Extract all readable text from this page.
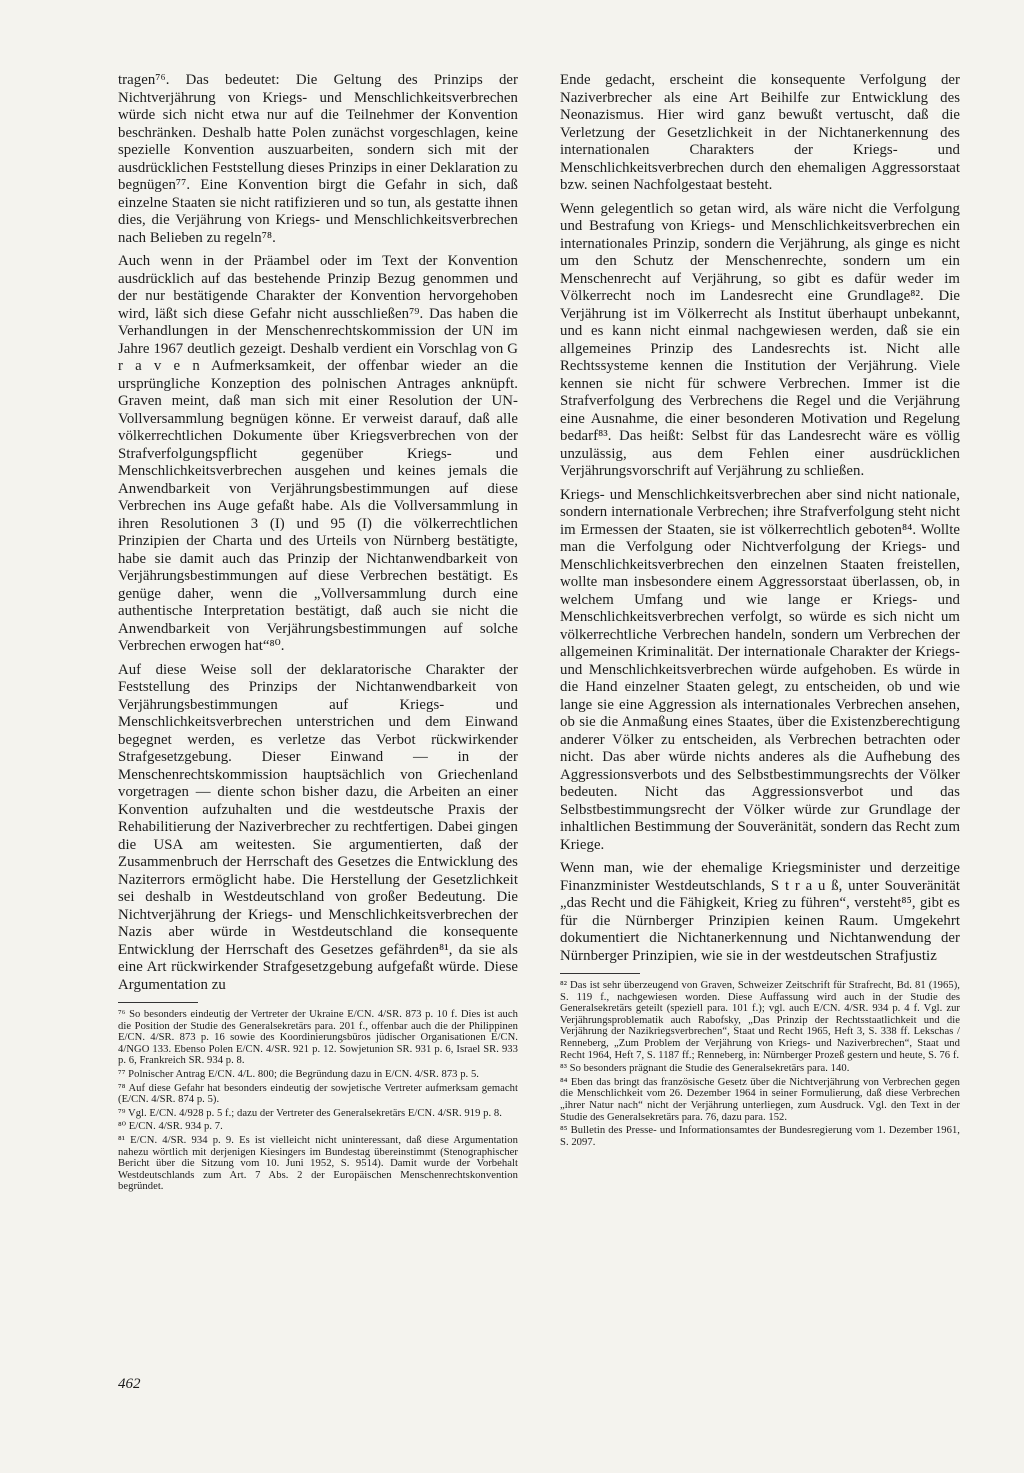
tragen⁷⁶. Das bedeutet: Die Geltung des Prinzips der Nichtverjährung von Kriegs- und Menschlichkeitsverbrechen würde sich nicht etwa nur auf die Teilnehmer der Konvention beschränken. Deshalb hatte Polen zunächst vorgeschlagen, keine spezielle Konvention auszuarbeiten, sondern sich mit der ausdrücklichen Feststellung dieses Prinzips in einer Deklaration zu begnügen⁷⁷. Eine Konvention birgt die Gefahr in sich, daß einzelne Staaten sie nicht ratifizieren und so tun, als gestatte ihnen dies, die Verjährung von Kriegs- und Menschlichkeitsverbrechen nach Belieben zu regeln⁷⁸.

Auch wenn in der Präambel oder im Text der Konvention ausdrücklich auf das bestehende Prinzip Bezug genommen und der nur bestätigende Charakter der Konvention hervorgehoben wird, läßt sich diese Gefahr nicht ausschließen⁷⁹. Das haben die Verhandlungen in der Menschenrechtskommission der UN im Jahre 1967 deutlich gezeigt. Deshalb verdient ein Vorschlag von G r a v e n Aufmerksamkeit, der offenbar wieder an die ursprüngliche Konzeption des polnischen Antrages anknüpft. Graven meint, daß man sich mit einer Resolution der UN-Vollversammlung begnügen könne. Er verweist darauf, daß alle völkerrechtlichen Dokumente über Kriegsverbrechen von der Strafverfolgungspflicht gegenüber Kriegs- und Menschlichkeitsverbrechen ausgehen und keines jemals die Anwendbarkeit von Verjährungsbestimmungen auf diese Verbrechen ins Auge gefaßt habe. Als die Vollversammlung in ihren Resolutionen 3 (I) und 95 (I) die völkerrechtlichen Prinzipien der Charta und des Urteils von Nürnberg bestätigte, habe sie damit auch das Prinzip der Nichtanwendbarkeit von Verjährungsbestimmungen auf diese Verbrechen bestätigt. Es genüge daher, wenn die „Vollversammlung durch eine authentische Interpretation bestätigt, daß auch sie nicht die Anwendbarkeit von Verjährungsbestimmungen auf solche Verbrechen erwogen hat“⁸⁰.

Auf diese Weise soll der deklaratorische Charakter der Feststellung des Prinzips der Nichtanwendbarkeit von Verjährungsbestimmungen auf Kriegs- und Menschlichkeitsverbrechen unterstrichen und dem Einwand begegnet werden, es verletze das Verbot rückwirkender Strafgesetzgebung. Dieser Einwand — in der Menschenrechtskommission hauptsächlich von Griechenland vorgetragen — diente schon bisher dazu, die Arbeiten an einer Konvention aufzuhalten und die westdeutsche Praxis der Rehabilitierung der Naziverbrecher zu rechtfertigen. Dabei gingen die USA am weitesten. Sie argumentierten, daß der Zusammenbruch der Herrschaft des Gesetzes die Entwicklung des Naziterrors ermöglicht habe. Die Herstellung der Gesetzlichkeit sei deshalb in Westdeutschland von großer Bedeutung. Die Nichtverjährung der Kriegs- und Menschlichkeitsverbrechen der Nazis aber würde in Westdeutschland die konsequente Entwicklung der Herrschaft des Gesetzes gefährden⁸¹, da sie als eine Art rückwirkender Strafgesetzgebung aufgefaßt würde. Diese Argumentation zu

⁷⁶ So besonders eindeutig der Vertreter der Ukraine E/CN. 4/SR. 873 p. 10 f. Dies ist auch die Position der Studie des Generalsekretärs para. 201 f., offenbar auch die der Philippinen E/CN. 4/SR. 873 p. 16 sowie des Koordinierungsbüros jüdischer Organisationen E/CN. 4/NGO 133. Ebenso Polen E/CN. 4/SR. 921 p. 12. Sowjetunion SR. 931 p. 6, Israel SR. 933 p. 6, Frankreich SR. 934 p. 8.

⁷⁷ Polnischer Antrag E/CN. 4/L. 800; die Begründung dazu in E/CN. 4/SR. 873 p. 5.

⁷⁸ Auf diese Gefahr hat besonders eindeutig der sowjetische Vertreter aufmerksam gemacht (E/CN. 4/SR. 874 p. 5).

⁷⁹ Vgl. E/CN. 4/928 p. 5 f.; dazu der Vertreter des Generalsekretärs E/CN. 4/SR. 919 p. 8.

⁸⁰ E/CN. 4/SR. 934 p. 7.

⁸¹ E/CN. 4/SR. 934 p. 9. Es ist vielleicht nicht uninteressant, daß diese Argumentation nahezu wörtlich mit derjenigen Kiesingers im Bundestag übereinstimmt (Stenographischer Bericht über die Sitzung vom 10. Juni 1952, S. 9514). Damit wurde der Vorbehalt Westdeutschlands zum Art. 7 Abs. 2 der Europäischen Menschenrechtskonvention begründet.

Ende gedacht, erscheint die konsequente Verfolgung der Naziverbrecher als eine Art Beihilfe zur Entwicklung des Neonazismus. Hier wird ganz bewußt vertuscht, daß die Verletzung der Gesetzlichkeit in der Nichtanerkennung des internationalen Charakters der Kriegs- und Menschlichkeitsverbrechen durch den ehemaligen Aggressorstaat bzw. seinen Nachfolgestaat besteht.

Wenn gelegentlich so getan wird, als wäre nicht die Verfolgung und Bestrafung von Kriegs- und Menschlichkeitsverbrechen ein internationales Prinzip, sondern die Verjährung, als ginge es nicht um den Schutz der Menschenrechte, sondern um ein Menschenrecht auf Verjährung, so gibt es dafür weder im Völkerrecht noch im Landesrecht eine Grundlage⁸². Die Verjährung ist im Völkerrecht als Institut überhaupt unbekannt, und es kann nicht einmal nachgewiesen werden, daß sie ein allgemeines Prinzip des Landesrechts ist. Nicht alle Rechtssysteme kennen die Institution der Verjährung. Viele kennen sie nicht für schwere Verbrechen. Immer ist die Strafverfolgung des Verbrechens die Regel und die Verjährung eine Ausnahme, die einer besonderen Motivation und Regelung bedarf⁸³. Das heißt: Selbst für das Landesrecht wäre es völlig unzulässig, aus dem Fehlen einer ausdrücklichen Verjährungsvorschrift auf Verjährung zu schließen.

Kriegs- und Menschlichkeitsverbrechen aber sind nicht nationale, sondern internationale Verbrechen; ihre Strafverfolgung steht nicht im Ermessen der Staaten, sie ist völkerrechtlich geboten⁸⁴. Wollte man die Verfolgung oder Nichtverfolgung der Kriegs- und Menschlichkeitsverbrechen den einzelnen Staaten freistellen, wollte man insbesondere einem Aggressorstaat überlassen, ob, in welchem Umfang und wie lange er Kriegs- und Menschlichkeitsverbrechen verfolgt, so würde es sich nicht um völkerrechtliche Verbrechen handeln, sondern um Verbrechen der allgemeinen Kriminalität. Der internationale Charakter der Kriegs- und Menschlichkeitsverbrechen würde aufgehoben. Es würde in die Hand einzelner Staaten gelegt, zu entscheiden, ob und wie lange sie eine Aggression als internationales Verbrechen ansehen, ob sie die Anmaßung eines Staates, über die Existenzberechtigung anderer Völker zu entscheiden, als Verbrechen betrachten oder nicht. Das aber würde nichts anderes als die Aufhebung des Aggressionsverbots und des Selbstbestimmungsrechts der Völker bedeuten. Nicht das Aggressionsverbot und das Selbstbestimmungsrecht der Völker würde zur Grundlage der inhaltlichen Bestimmung der Souveränität, sondern das Recht zum Kriege.

Wenn man, wie der ehemalige Kriegsminister und derzeitige Finanzminister Westdeutschlands, S t r a u ß, unter Souveränität „das Recht und die Fähigkeit, Krieg zu führen“, versteht⁸⁵, gibt es für die Nürnberger Prinzipien keinen Raum. Umgekehrt dokumentiert die Nichtanerkennung und Nichtanwendung der Nürnberger Prinzipien, wie sie in der westdeutschen Strafjustiz

⁸² Das ist sehr überzeugend von Graven, Schweizer Zeitschrift für Strafrecht, Bd. 81 (1965), S. 119 f., nachgewiesen worden. Diese Auffassung wird auch in der Studie des Generalsekretärs geteilt (speziell para. 101 f.); vgl. auch E/CN. 4/SR. 934 p. 4 f. Vgl. zur Verjährungsproblematik auch Rabofsky, „Das Prinzip der Rechtsstaatlichkeit und die Verjährung der Nazikriegsverbrechen“, Staat und Recht 1965, Heft 3, S. 338 ff. Lekschas / Renneberg, „Zum Problem der Verjährung von Kriegs- und Naziverbrechen“, Staat und Recht 1964, Heft 7, S. 1187 ff.; Renneberg, in: Nürnberger Prozeß gestern und heute, S. 76 f.

⁸³ So besonders prägnant die Studie des Generalsekretärs para. 140.

⁸⁴ Eben das bringt das französische Gesetz über die Nichtverjährung von Verbrechen gegen die Menschlichkeit vom 26. Dezember 1964 in seiner Formulierung, daß diese Verbrechen „ihrer Natur nach“ nicht der Verjährung unterliegen, zum Ausdruck. Vgl. den Text in der Studie des Generalsekretärs para. 76, dazu para. 152.

⁸⁵ Bulletin des Presse- und Informationsamtes der Bundesregierung vom 1. Dezember 1961, S. 2097.

462
